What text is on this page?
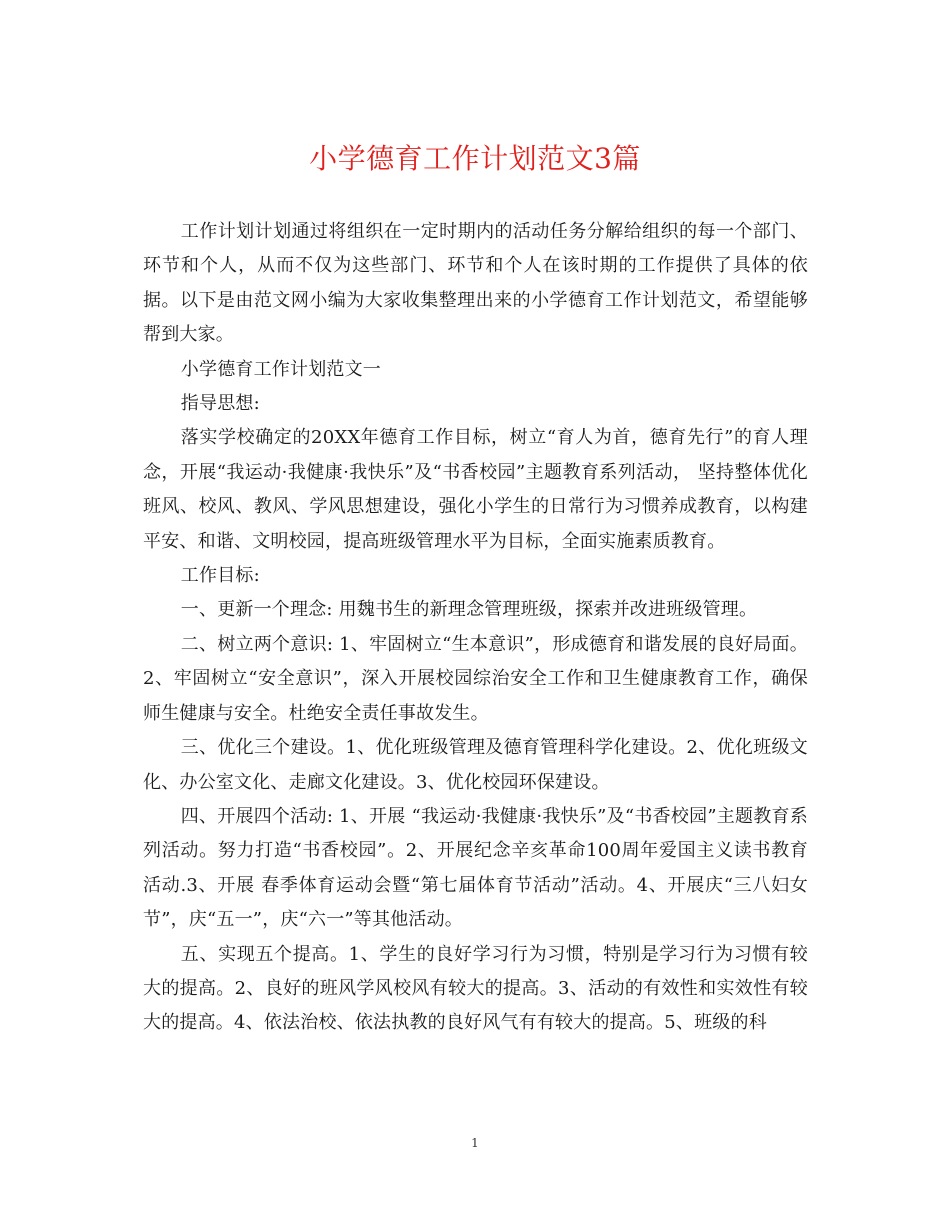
小学德育工作计划范文3篇

工作计划计划通过将组织在一定时期内的活动任务分解给组织的每一个部门、环节和个人，从而不仅为这些部门、环节和个人在该时期的工作提供了具体的依据。以下是由范文网小编为大家收集整理出来的小学德育工作计划范文，希望能够帮到大家。

小学德育工作计划范文一

指导思想:

落实学校确定的20XX年德育工作目标，树立“育人为首，德育先行”的育人理念，开展“我运动·我健康·我快乐”及“书香校园”主题教育系列活动， 坚持整体优化班风、校风、教风、学风思想建设，强化小学生的日常行为习惯养成教育，以构建平安、和谐、文明校园，提高班级管理水平为目标，全面实施素质教育。

工作目标:

一、更新一个理念: 用魏书生的新理念管理班级，探索并改进班级管理。

二、树立两个意识: 1、牢固树立“生本意识”，形成德育和谐发展的良好局面。2、牢固树立“安全意识”，深入开展校园综治安全工作和卫生健康教育工作，确保师生健康与安全。杜绝安全责任事故发生。

三、优化三个建设。1、优化班级管理及德育管理科学化建设。2、优化班级文化、办公室文化、走廊文化建设。3、优化校园环保建设。

四、开展四个活动: 1、开展 “我运动·我健康·我快乐”及“书香校园”主题教育系列活动。努力打造“书香校园”。2、开展纪念辛亥革命100周年爱国主义读书教育活动.3、开展 春季体育运动会暨“第七届体育节活动”活动。4、开展庆“三八妇女节”，庆“五一”，庆“六一”等其他活动。

五、实现五个提高。1、学生的良好学习行为习惯，特别是学习行为习惯有较大的提高。2、良好的班风学风校风有较大的提高。3、活动的有效性和实效性有较大的提高。4、依法治校、依法执教的良好风气有有较大的提高。5、班级的科

1
